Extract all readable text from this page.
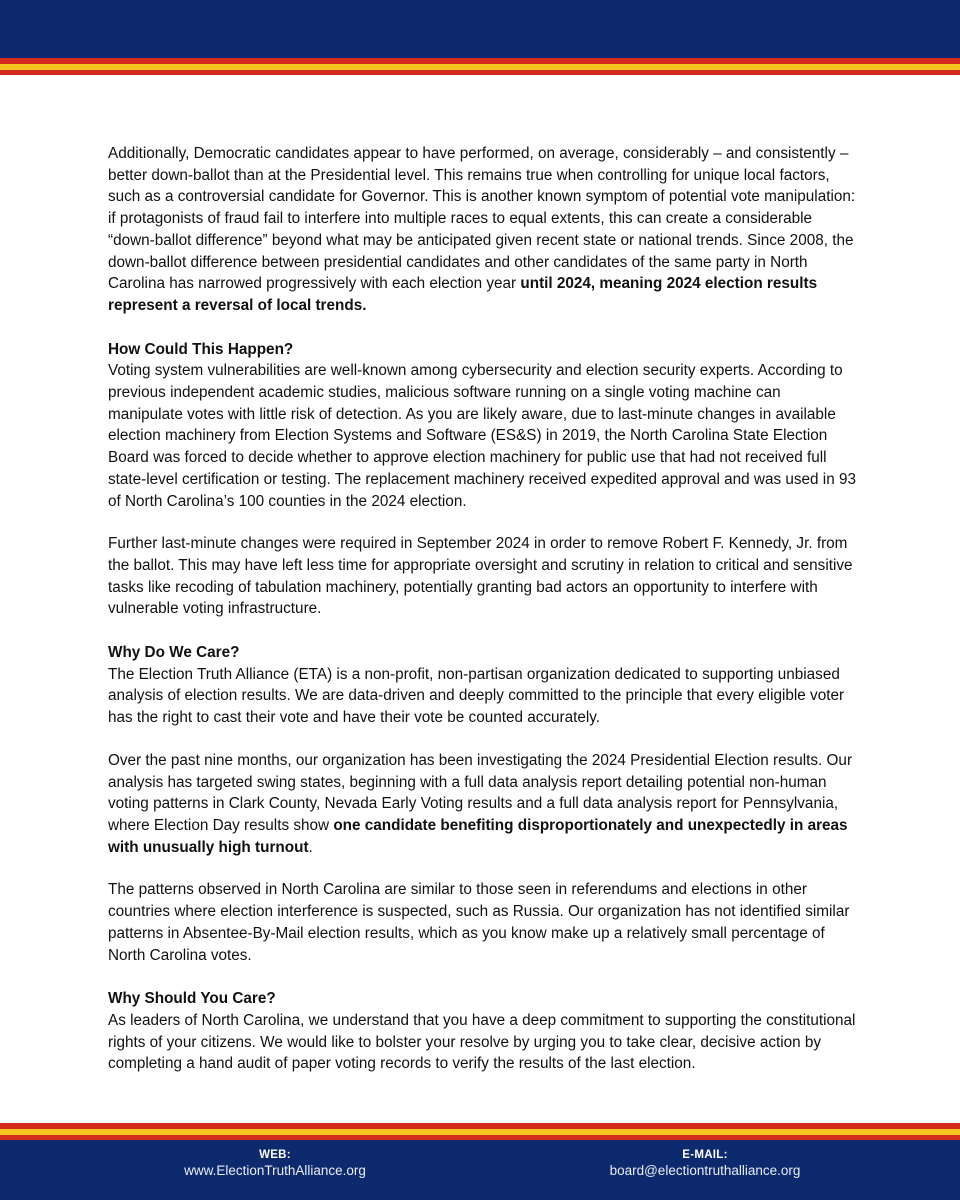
Additionally, Democratic candidates appear to have performed, on average, considerably – and consistently – better down-ballot than at the Presidential level. This remains true when controlling for unique local factors, such as a controversial candidate for Governor. This is another known symptom of potential vote manipulation: if protagonists of fraud fail to interfere into multiple races to equal extents, this can create a considerable “down-ballot difference” beyond what may be anticipated given recent state or national trends. Since 2008, the down-ballot difference between presidential candidates and other candidates of the same party in North Carolina has narrowed progressively with each election year until 2024, meaning 2024 election results represent a reversal of local trends.

How Could This Happen?

Voting system vulnerabilities are well-known among cybersecurity and election security experts. According to previous independent academic studies, malicious software running on a single voting machine can manipulate votes with little risk of detection. As you are likely aware, due to last-minute changes in available election machinery from Election Systems and Software (ES&S) in 2019, the North Carolina State Election Board was forced to decide whether to approve election machinery for public use that had not received full state-level certification or testing. The replacement machinery received expedited approval and was used in 93 of North Carolina’s 100 counties in the 2024 election.

Further last-minute changes were required in September 2024 in order to remove Robert F. Kennedy, Jr. from the ballot. This may have left less time for appropriate oversight and scrutiny in relation to critical and sensitive tasks like recoding of tabulation machinery, potentially granting bad actors an opportunity to interfere with vulnerable voting infrastructure.

Why Do We Care?

The Election Truth Alliance (ETA) is a non-profit, non-partisan organization dedicated to supporting unbiased analysis of election results. We are data-driven and deeply committed to the principle that every eligible voter has the right to cast their vote and have their vote be counted accurately.

Over the past nine months, our organization has been investigating the 2024 Presidential Election results. Our analysis has targeted swing states, beginning with a full data analysis report detailing potential non-human voting patterns in Clark County, Nevada Early Voting results and a full data analysis report for Pennsylvania, where Election Day results show one candidate benefiting disproportionately and unexpectedly in areas with unusually high turnout.

The patterns observed in North Carolina are similar to those seen in referendums and elections in other countries where election interference is suspected, such as Russia. Our organization has not identified similar patterns in Absentee-By-Mail election results, which as you know make up a relatively small percentage of North Carolina votes.

Why Should You Care?

As leaders of North Carolina, we understand that you have a deep commitment to supporting the constitutional rights of your citizens. We would like to bolster your resolve by urging you to take clear, decisive action by completing a hand audit of paper voting records to verify the results of the last election.

WEB:
www.ElectionTruthAlliance.org
E-MAIL:
board@electiontruthalliance.org
